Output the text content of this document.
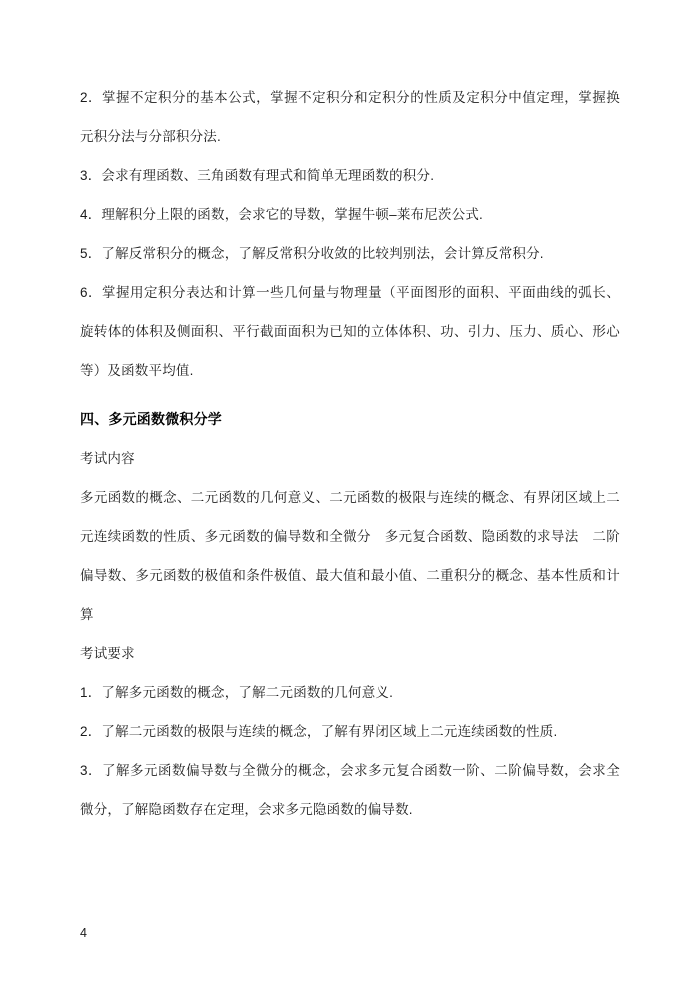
2．掌握不定积分的基本公式，掌握不定积分和定积分的性质及定积分中值定理，掌握换元积分法与分部积分法.

3．会求有理函数、三角函数有理式和简单无理函数的积分.

4．理解积分上限的函数，会求它的导数，掌握牛顿–莱布尼茨公式.

5．了解反常积分的概念，了解反常积分收敛的比较判别法，会计算反常积分.

6．掌握用定积分表达和计算一些几何量与物理量（平面图形的面积、平面曲线的弧长、旋转体的体积及侧面积、平行截面面积为已知的立体体积、功、引力、压力、质心、形心等）及函数平均值.

四、多元函数微积分学

考试内容

多元函数的概念、二元函数的几何意义、二元函数的极限与连续的概念、有界闭区域上二元连续函数的性质、多元函数的偏导数和全微分　多元复合函数、隐函数的求导法　二阶偏导数、多元函数的极值和条件极值、最大值和最小值、二重积分的概念、基本性质和计算

考试要求

1．了解多元函数的概念，了解二元函数的几何意义.

2．了解二元函数的极限与连续的概念，了解有界闭区域上二元连续函数的性质.

3．了解多元函数偏导数与全微分的概念，会求多元复合函数一阶、二阶偏导数，会求全微分，了解隐函数存在定理，会求多元隐函数的偏导数.

4
